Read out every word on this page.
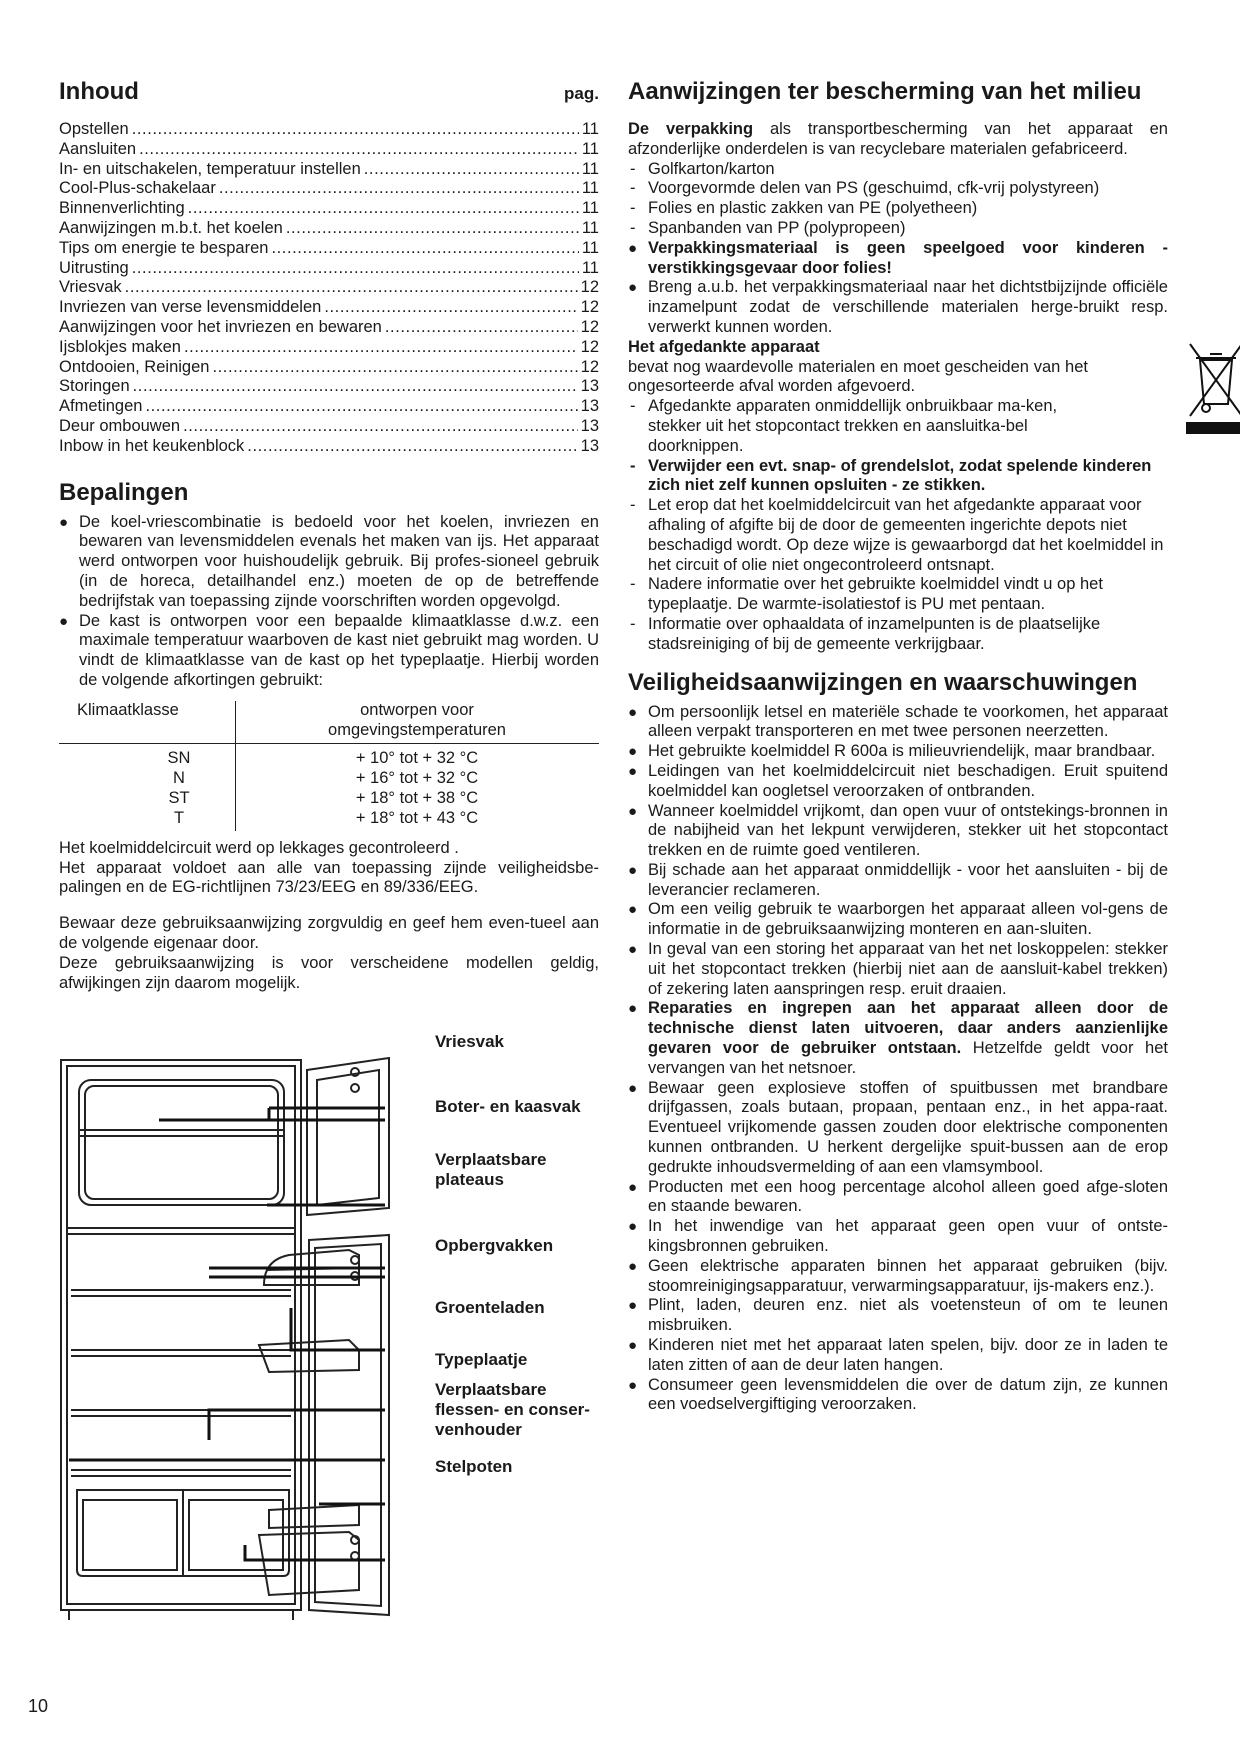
Inhoud	pag.
Opstellen . . .	11
Aansluiten . . .	11
In- en uitschakelen, temperatuur instellen . . .	11
Cool-Plus-schakelaar . . .	11
Binnenverlichting . . .	11
Aanwijzingen m.b.t. het koelen . . .	11
Tips om energie te besparen . . .	11
Uitrusting . . .	11
Vriesvak . . .	12
Invriezen van verse levensmiddelen . . .	12
Aanwijzingen voor het invriezen en bewaren . . .	12
Ijsblokjes maken . . .	12
Ontdooien, Reinigen . . .	12
Storingen . . .	13
Afmetingen . . .	13
Deur ombouwen . . .	13
Inbow in het keukenblock . . .	13
Bepalingen
● De koel-vriescombinatie is bedoeld voor het koelen, invriezen en bewaren van levensmiddelen evenals het maken van ijs. Het apparaat werd ontworpen voor huishoudelijk gebruik. Bij profes-sioneel gebruik (in de horeca, detailhandel enz.) moeten de op de betreffende bedrijfstak van toepassing zijnde voorschriften worden opgevolgd.
● De kast is ontworpen voor een bepaalde klimaatklasse d.w.z. een maximale temperatuur waarboven de kast niet gebruikt mag worden. U vindt de klimaatklasse van de kast op het typeplaatje. Hierbij worden de volgende afkortingen gebruikt:
Klimaatklasse	ontworpen voor
omgevingstemperaturen
SN	+ 10° tot + 32 °C
N	+ 16° tot + 32 °C
ST	+ 18° tot + 38 °C
T	+ 18° tot + 43 °C

Het koelmiddelcircuit werd op lekkages gecontroleerd .

Het apparaat voldoet aan alle van toepassing zijnde veiligheidsbe-palingen en de EG-richtlijnen 73/23/EEG en 89/336/EEG.

Bewaar deze gebruiksaanwijzing zorgvuldig en geef hem even-tueel aan de volgende eigenaar door.

Deze gebruiksaanwijzing is voor verscheidene modellen geldig, afwijkingen zijn daarom mogelijk.

Vriesvak
Boter- en kaasvak
Verplaatsbare
plateaus
Opbergvakken
Groenteladen
Typeplaatje
Verplaatsbare
flessen- en conser-
venhouder
Stelpoten
Aanwijzingen ter bescherming van het milieu

De verpakking als transportbescherming van het apparaat en afzonderlijke onderdelen is van recyclebare materialen gefabriceerd.

- Golfkarton/karton
- Voorgevormde delen van PS (geschuimd, cfk-vrij polystyreen)
- Folies en plastic zakken van PE (polyetheen)
- Spanbanden van PP (polypropeen)
● Verpakkingsmateriaal is geen speelgoed voor kinderen - verstikkingsgevaar door folies!
● Breng a.u.b. het verpakkingsmateriaal naar het dichtstbijzijnde officiële inzamelpunt zodat de verschillende materialen herge-bruikt resp. verwerkt kunnen worden.
Het afgedankte apparaat

bevat nog waardevolle materialen en moet gescheiden van het ongesorteerde afval worden afgevoerd.

- Afgedankte apparaten onmiddellijk onbruikbaar ma-ken, stekker uit het stopcontact trekken en aansluitka-bel doorknippen.
- Verwijder een evt. snap- of grendelslot, zodat spelende kinderen zich niet zelf kunnen opsluiten - ze stikken.
- Let erop dat het koelmiddelcircuit van het afgedankte apparaat voor afhaling of afgifte bij de door de gemeenten ingerichte depots niet beschadigd wordt. Op deze wijze is gewaarborgd dat het koelmiddel in het circuit of olie niet ongecontroleerd ontsnapt.
- Nadere informatie over het gebruikte koelmiddel vindt u op het typeplaatje. De warmte-isolatiestof is PU met pentaan.
- Informatie over ophaaldata of inzamelpunten is de plaatselijke stadsreiniging of bij de gemeente verkrijgbaar.
Veiligheidsaanwijzingen en waarschuwingen
● Om persoonlijk letsel en materiële schade te voorkomen, het apparaat alleen verpakt transporteren en met twee personen neerzetten.
● Het gebruikte koelmiddel R 600a is milieuvriendelijk, maar brandbaar.
● Leidingen van het koelmiddelcircuit niet beschadigen. Eruit spuitend koelmiddel kan oogletsel veroorzaken of ontbranden.
● Wanneer koelmiddel vrijkomt, dan open vuur of ontstekings-bronnen in de nabijheid van het lekpunt verwijderen, stekker uit het stopcontact trekken en de ruimte goed ventileren.
● Bij schade aan het apparaat onmiddellijk - voor het aansluiten - bij de leverancier reclameren.
● Om een veilig gebruik te waarborgen het apparaat alleen vol-gens de informatie in de gebruiksaanwijzing monteren en aan-sluiten.
● In geval van een storing het apparaat van het net loskoppelen: stekker uit het stopcontact trekken (hierbij niet aan de aansluit-kabel trekken) of zekering laten aanspringen resp. eruit draaien.
● Reparaties en ingrepen aan het apparaat alleen door de technische dienst laten uitvoeren, daar anders aanzienlijke gevaren voor de gebruiker ontstaan. Hetzelfde geldt voor het vervangen van het netsnoer.
● Bewaar geen explosieve stoffen of spuitbussen met brandbare drijfgassen, zoals butaan, propaan, pentaan enz., in het appa-raat. Eventueel vrijkomende gassen zouden door elektrische componenten kunnen ontbranden. U herkent dergelijke spuit-bussen aan de erop gedrukte inhoudsvermelding of aan een vlamsymbool.
● Producten met een hoog percentage alcohol alleen goed afge-sloten en staande bewaren.
● In het inwendige van het apparaat geen open vuur of ontste-kingsbronnen gebruiken.
● Geen elektrische apparaten binnen het apparaat gebruiken (bijv. stoomreinigingsapparatuur, verwarmingsapparatuur, ijs-makers enz.).
● Plint, laden, deuren enz. niet als voetensteun of om te leunen misbruiken.
● Kinderen niet met het apparaat laten spelen, bijv. door ze in laden te laten zitten of aan de deur laten hangen.
● Consumeer geen levensmiddelen die over de datum zijn, ze kunnen een voedselvergiftiging veroorzaken.
10
